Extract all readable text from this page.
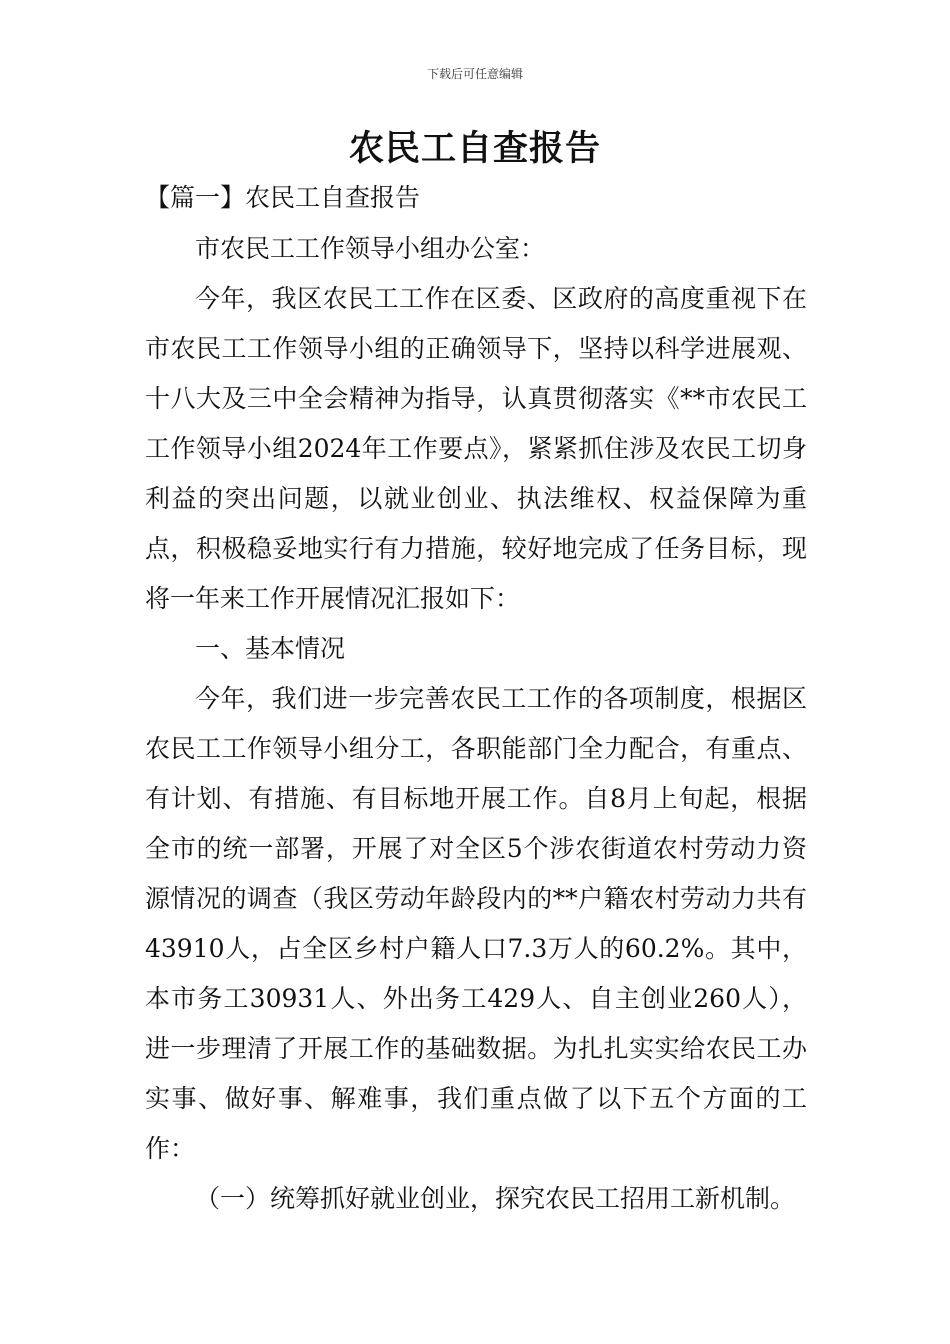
下载后可任意编辑
农民工自查报告
【篇一】农民工自查报告

市农民工工作领导小组办公室：

今年，我区农民工工作在区委、区政府的高度重视下在市农民工工作领导小组的正确领导下，坚持以科学进展观、十八大及三中全会精神为指导，认真贯彻落实《**市农民工工作领导小组2024年工作要点》，紧紧抓住涉及农民工切身利益的突出问题，以就业创业、执法维权、权益保障为重点，积极稳妥地实行有力措施，较好地完成了任务目标，现将一年来工作开展情况汇报如下：

一、基本情况

今年，我们进一步完善农民工工作的各项制度，根据区农民工工作领导小组分工，各职能部门全力配合，有重点、有计划、有措施、有目标地开展工作。自8月上旬起，根据全市的统一部署，开展了对全区5个涉农街道农村劳动力资源情况的调查（我区劳动年龄段内的**户籍农村劳动力共有43910人，占全区乡村户籍人口7.3万人的60.2%。其中，本市务工30931人、外出务工429人、自主创业260人），进一步理清了开展工作的基础数据。为扎扎实实给农民工办实事、做好事、解难事，我们重点做了以下五个方面的工作：

（一）统筹抓好就业创业，探究农民工招用工新机制。
